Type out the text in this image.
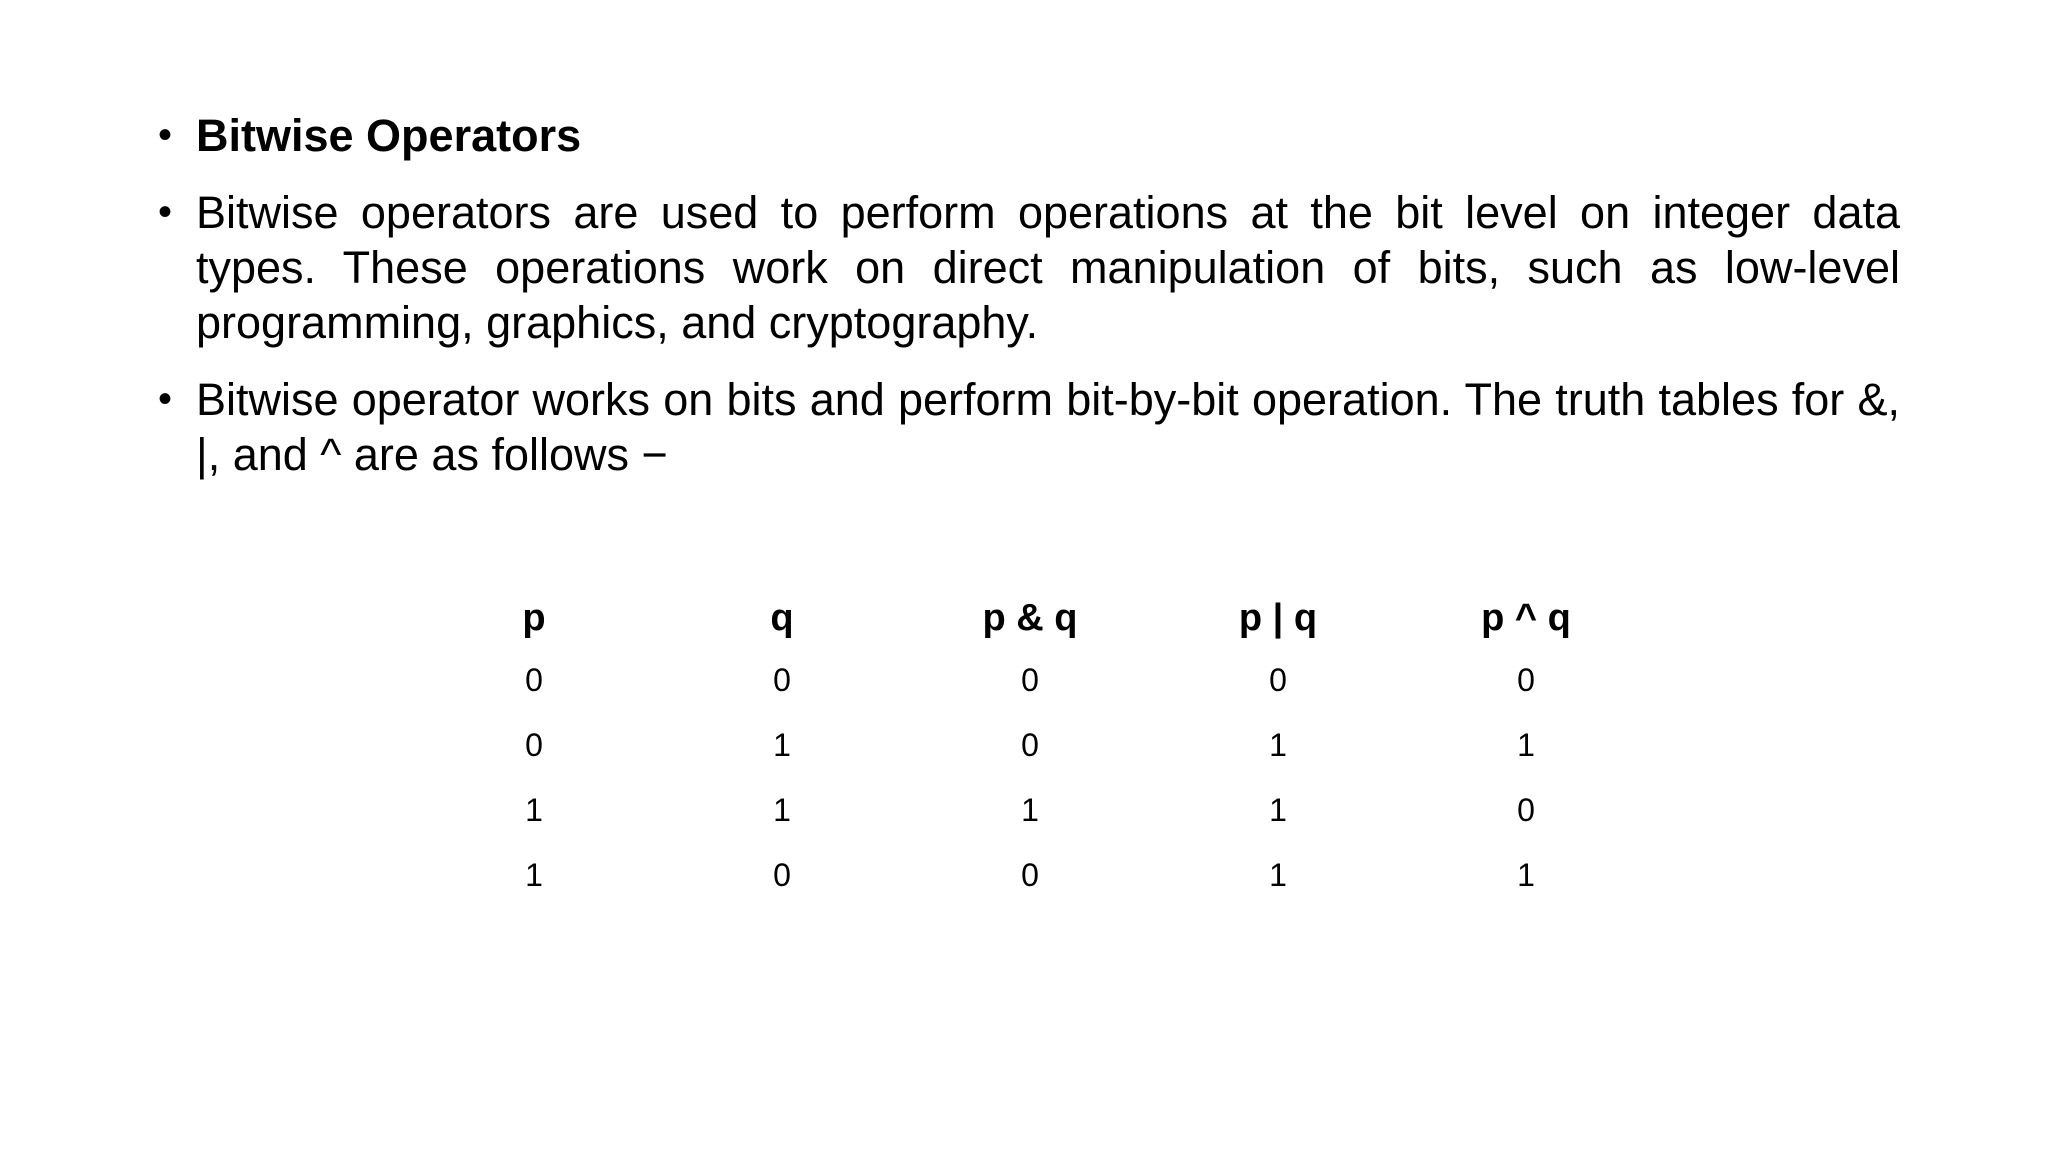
• Bitwise Operators
• Bitwise operators are used to perform operations at the bit level on integer data types. These operations work on direct manipulation of bits, such as low-level programming, graphics, and cryptography.
• Bitwise operator works on bits and perform bit-by-bit operation. The truth tables for &, |, and ^ are as follows −
p	q	p & q	p | q	p ^ q
0	0	0	0	0
0	1	0	1	1
1	1	1	1	0
1	0	0	1	1
